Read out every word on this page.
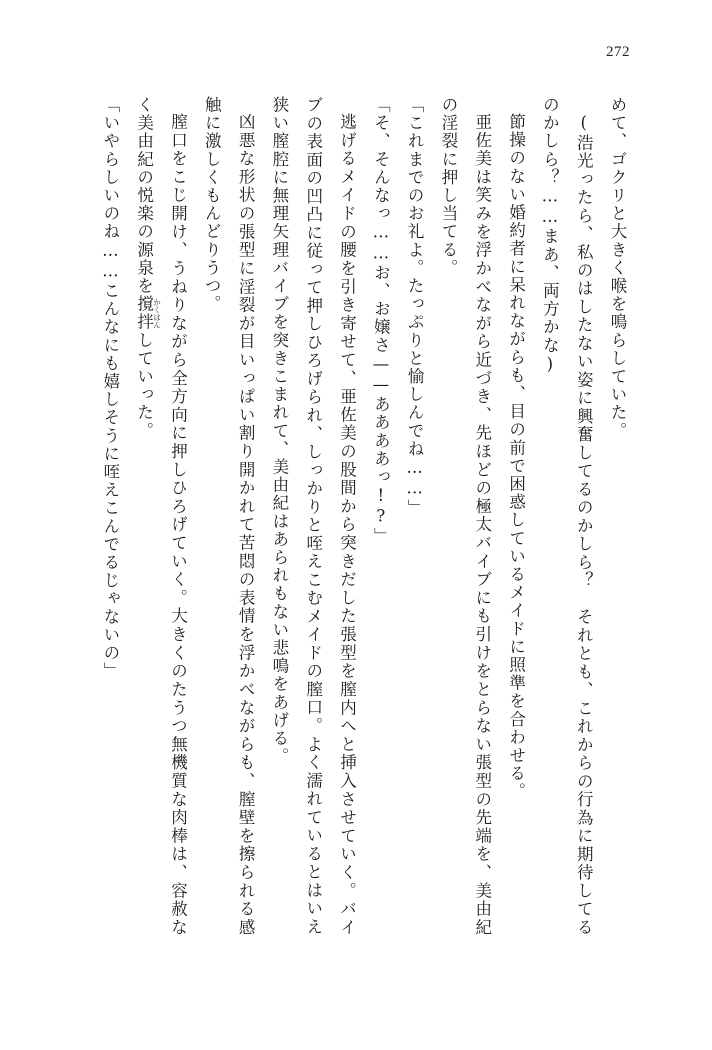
272

めて、ゴクリと大きく喉を鳴らしていた。

(浩光ったら、私のはしたない姿に興奮してるのかしら？　それとも、これからの行為に期待してるのかしら？……まあ、両方かな)

節操のない婚約者に呆れながらも、目の前で困惑しているメイドに照準を合わせる。

亜佐美は笑みを浮かべながら近づき、先ほどの極太バイブにも引けをとらない張型の先端を、美由紀の淫裂に押し当てる。

「これまでのお礼よ。たっぷりと愉しんでね……」

「そ、そんなっ……お、お嬢さ——ああああっ!?」

逃げるメイドの腰を引き寄せて、亜佐美の股間から突きだした張型を膣内へと挿入させていく。バイブの表面の凹凸に従って押しひろげられ、しっかりと咥えこむメイドの膣口。よく濡れているとはいえ狭い膣腔に無理矢理バイブを突きこまれて、美由紀はあられもない悲鳴をあげる。

凶悪な形状の張型に淫裂が目いっぱい割り開かれて苦悶の表情を浮かべながらも、膣壁を擦られる感触に激しくもんどりうつ。

膣口をこじ開け、うねりながら全方向に押しひろげていく。大きくのたうつ無機質な肉棒は、容赦なく美由紀の悦楽の源泉を撹拌 かくはんしていった。

「いやらしいのね……こんなにも嬉しそうに咥えこんでるじゃないの」
